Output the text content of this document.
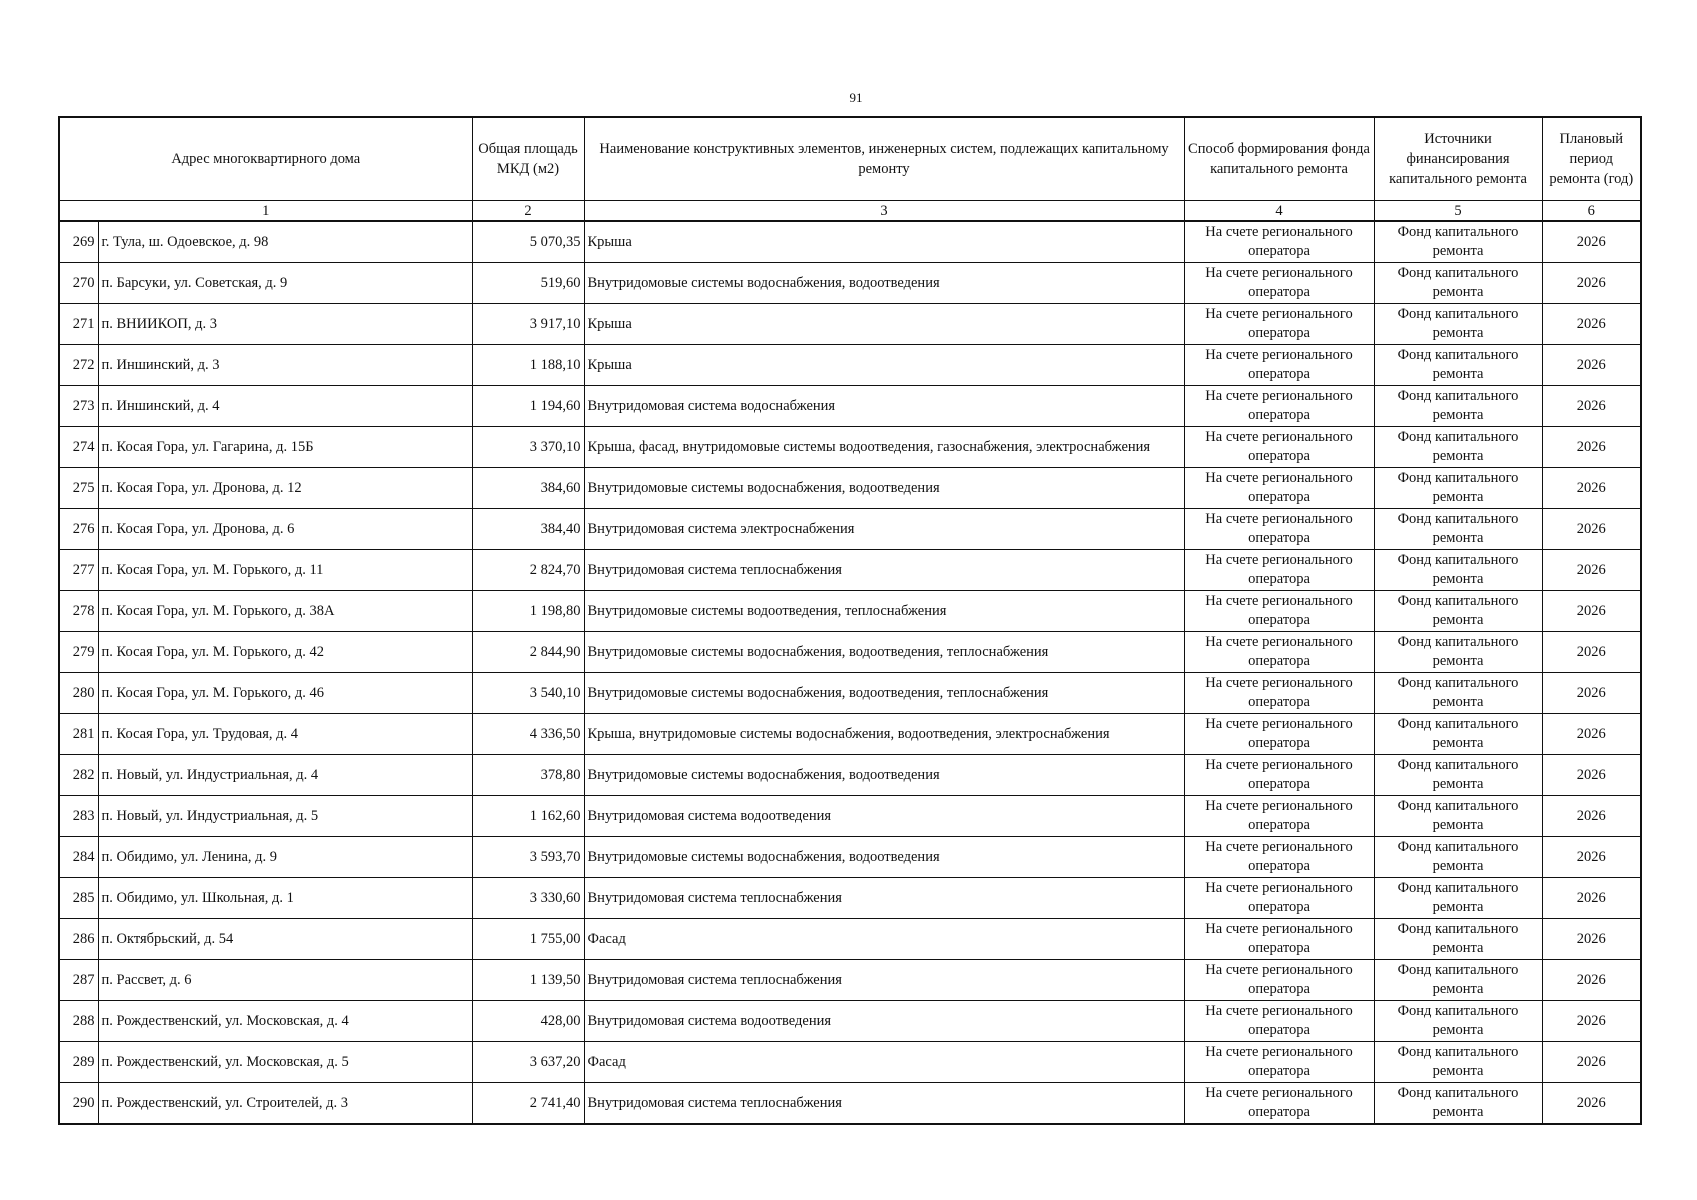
91
Адрес многоквартирного дома		Общая площадь МКД (м2)	Наименование конструктивных элементов, инженерных систем, подлежащих капитальному ремонту	Способ формирования фонда капитального ремонта	Источники финансирования капитального ремонта	Плановый период ремонта (год)
1		2	3	4	5	6
269	г. Тула, ш. Одоевское, д. 98	5 070,35	Крыша	На счете регионального оператора	Фонд капитального ремонта	2026
270	п. Барсуки, ул. Советская, д. 9	519,60	Внутридомовые системы водоснабжения, водоотведения	На счете регионального оператора	Фонд капитального ремонта	2026
271	п. ВНИИКОП, д. 3	3 917,10	Крыша	На счете регионального оператора	Фонд капитального ремонта	2026
272	п. Иншинский, д. 3	1 188,10	Крыша	На счете регионального оператора	Фонд капитального ремонта	2026
273	п. Иншинский, д. 4	1 194,60	Внутридомовая система водоснабжения	На счете регионального оператора	Фонд капитального ремонта	2026
274	п. Косая Гора, ул. Гагарина, д. 15Б	3 370,10	Крыша, фасад, внутридомовые системы водоотведения, газоснабжения, электроснабжения	На счете регионального оператора	Фонд капитального ремонта	2026
275	п. Косая Гора, ул. Дронова, д. 12	384,60	Внутридомовые системы водоснабжения, водоотведения	На счете регионального оператора	Фонд капитального ремонта	2026
276	п. Косая Гора, ул. Дронова, д. 6	384,40	Внутридомовая система электроснабжения	На счете регионального оператора	Фонд капитального ремонта	2026
277	п. Косая Гора, ул. М. Горького, д. 11	2 824,70	Внутридомовая система теплоснабжения	На счете регионального оператора	Фонд капитального ремонта	2026
278	п. Косая Гора, ул. М. Горького, д. 38А	1 198,80	Внутридомовые системы водоотведения, теплоснабжения	На счете регионального оператора	Фонд капитального ремонта	2026
279	п. Косая Гора, ул. М. Горького, д. 42	2 844,90	Внутридомовые системы водоснабжения, водоотведения, теплоснабжения	На счете регионального оператора	Фонд капитального ремонта	2026
280	п. Косая Гора, ул. М. Горького, д. 46	3 540,10	Внутридомовые системы водоснабжения, водоотведения, теплоснабжения	На счете регионального оператора	Фонд капитального ремонта	2026
281	п. Косая Гора, ул. Трудовая, д. 4	4 336,50	Крыша, внутридомовые системы водоснабжения, водоотведения, электроснабжения	На счете регионального оператора	Фонд капитального ремонта	2026
282	п. Новый, ул. Индустриальная, д. 4	378,80	Внутридомовые системы водоснабжения, водоотведения	На счете регионального оператора	Фонд капитального ремонта	2026
283	п. Новый, ул. Индустриальная, д. 5	1 162,60	Внутридомовая система водоотведения	На счете регионального оператора	Фонд капитального ремонта	2026
284	п. Обидимо, ул. Ленина, д. 9	3 593,70	Внутридомовые системы водоснабжения, водоотведения	На счете регионального оператора	Фонд капитального ремонта	2026
285	п. Обидимо, ул. Школьная, д. 1	3 330,60	Внутридомовая система теплоснабжения	На счете регионального оператора	Фонд капитального ремонта	2026
286	п. Октябрьский, д. 54	1 755,00	Фасад	На счете регионального оператора	Фонд капитального ремонта	2026
287	п. Рассвет, д. 6	1 139,50	Внутридомовая система теплоснабжения	На счете регионального оператора	Фонд капитального ремонта	2026
288	п. Рождественский, ул. Московская, д. 4	428,00	Внутридомовая система водоотведения	На счете регионального оператора	Фонд капитального ремонта	2026
289	п. Рождественский, ул. Московская, д. 5	3 637,20	Фасад	На счете регионального оператора	Фонд капитального ремонта	2026
290	п. Рождественский, ул. Строителей, д. 3	2 741,40	Внутридомовая система теплоснабжения	На счете регионального оператора	Фонд капитального ремонта	2026
